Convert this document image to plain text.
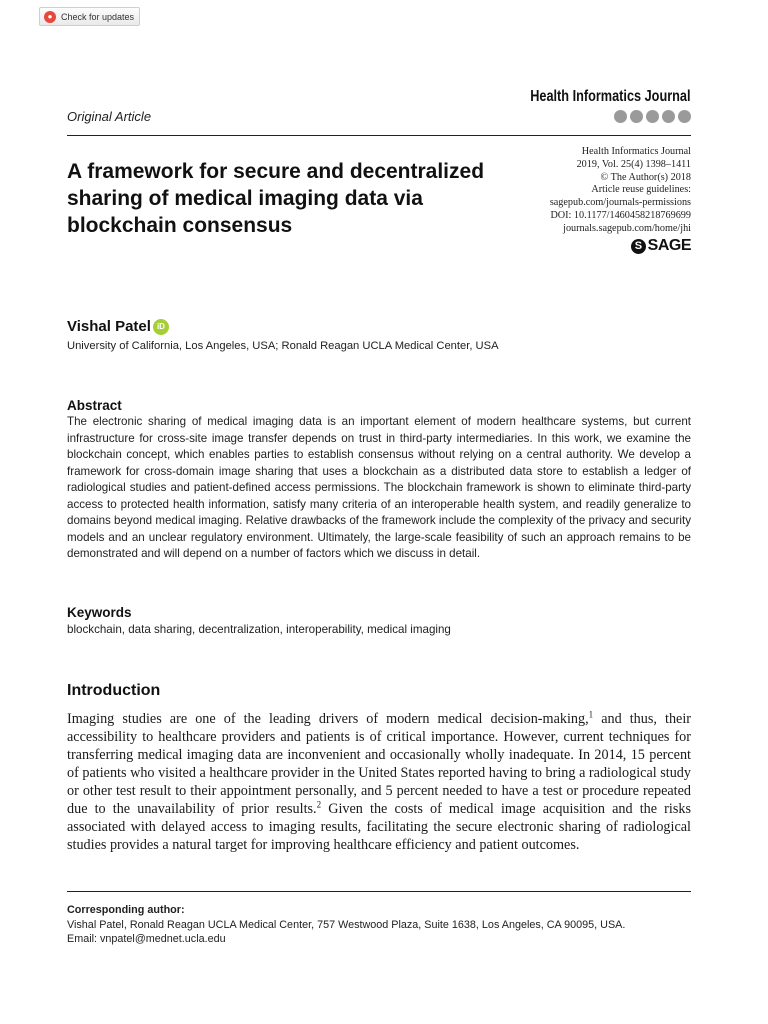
● Check for updates
Health Informatics Journal
Original Article
A framework for secure and decentralized sharing of medical imaging data via blockchain consensus
Health Informatics Journal
2019, Vol. 25(4) 1398–1411
© The Author(s) 2018
Article reuse guidelines:
sagepub.com/journals-permissions
DOI: 10.1177/1460458218769699
journals.sagepub.com/home/jhi
S SAGE
Vishal Patel iD
University of California, Los Angeles, USA; Ronald Reagan UCLA Medical Center, USA
Abstract

The electronic sharing of medical imaging data is an important element of modern healthcare systems, but current infrastructure for cross-site image transfer depends on trust in third-party intermediaries. In this work, we examine the blockchain concept, which enables parties to establish consensus without relying on a central authority. We develop a framework for cross-domain image sharing that uses a blockchain as a distributed data store to establish a ledger of radiological studies and patient-defined access permissions. The blockchain framework is shown to eliminate third-party access to protected health information, satisfy many criteria of an interoperable health system, and readily generalize to domains beyond medical imaging. Relative drawbacks of the framework include the complexity of the privacy and security models and an unclear regulatory environment. Ultimately, the large-scale feasibility of such an approach remains to be demonstrated and will depend on a number of factors which we discuss in detail.

Keywords
blockchain, data sharing, decentralization, interoperability, medical imaging
Introduction

Imaging studies are one of the leading drivers of modern medical decision-making,$^1$ and thus, their accessibility to healthcare providers and patients is of critical importance. However, current techniques for transferring medical imaging data are inconvenient and occasionally wholly inadequate. In 2014, 15 percent of patients who visited a healthcare provider in the United States reported having to bring a radiological study or other test result to their appointment personally, and 5 percent needed to have a test or procedure repeated due to the unavailability of prior results.$^2$ Given the costs of medical image acquisition and the risks associated with delayed access to imaging results, facilitating the secure electronic sharing of radiological studies provides a natural target for improving healthcare efficiency and patient outcomes.

Corresponding author:
Vishal Patel, Ronald Reagan UCLA Medical Center, 757 Westwood Plaza, Suite 1638, Los Angeles, CA 90095, USA.
Email: vnpatel@mednet.ucla.edu
